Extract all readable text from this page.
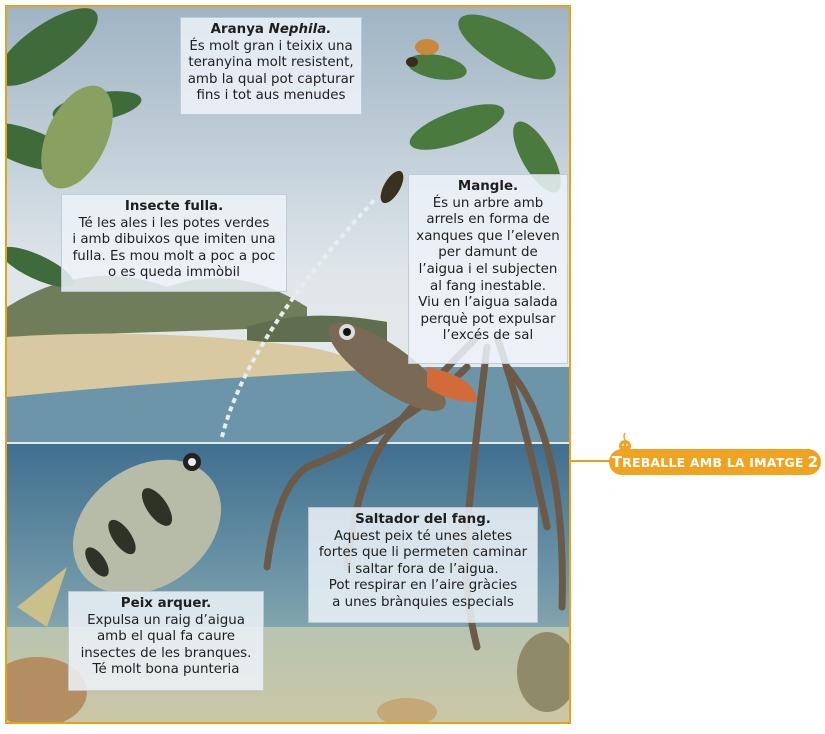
Aranya Nephila.
És molt gran i teixix una
teranyina molt resistent,
amb la qual pot capturar
fins i tot aus menudes
Insecte fulla.
Té les ales i les potes verdes
i amb dibuixos que imiten una
fulla. Es mou molt a poc a poc
o es queda immòbil
Mangle.
És un arbre amb
arrels en forma de
xanques que l’eleven
per damunt de
l’aigua i el subjecten
al fang inestable.
Viu en l’aigua salada
perquè pot expulsar
l’excés de sal
Saltador del fang.
Aquest peix té unes aletes
fortes que li permeten caminar
i saltar fora de l’aigua.
Pot respirar en l’aire gràcies
a unes brànquies especials
Peix arquer.
Expulsa un raig d’aigua
amb el qual fa caure
insectes de les branques.
Té molt bona punteria
T REBALLE AMB LA IMATGE 2
